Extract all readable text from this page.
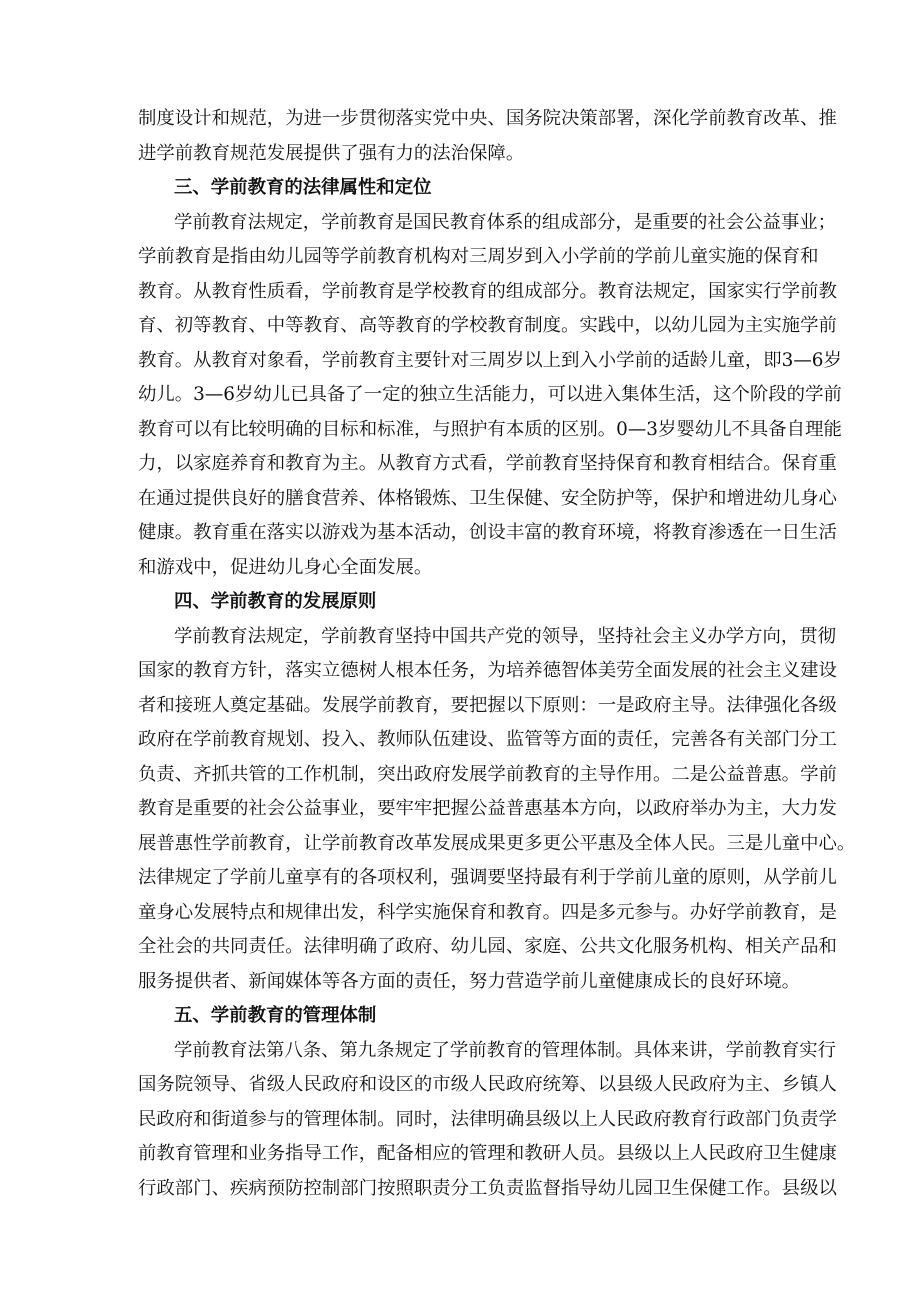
制度设计和规范，为进一步贯彻落实党中央、国务院决策部署，深化学前教育改革、推
进学前教育规范发展提供了强有力的法治保障。
三、学前教育的法律属性和定位
学前教育法规定，学前教育是国民教育体系的组成部分，是重要的社会公益事业；
学前教育是指由幼儿园等学前教育机构对三周岁到入小学前的学前儿童实施的保育和
教育。从教育性质看，学前教育是学校教育的组成部分。教育法规定，国家实行学前教
育、初等教育、中等教育、高等教育的学校教育制度。实践中，以幼儿园为主实施学前
教育。从教育对象看，学前教育主要针对三周岁以上到入小学前的适龄儿童，即3—6岁
幼儿。3—6岁幼儿已具备了一定的独立生活能力，可以进入集体生活，这个阶段的学前
教育可以有比较明确的目标和标准，与照护有本质的区别。0—3岁婴幼儿不具备自理能
力，以家庭养育和教育为主。从教育方式看，学前教育坚持保育和教育相结合。保育重
在通过提供良好的膳食营养、体格锻炼、卫生保健、安全防护等，保护和增进幼儿身心
健康。教育重在落实以游戏为基本活动，创设丰富的教育环境，将教育渗透在一日生活
和游戏中，促进幼儿身心全面发展。
四、学前教育的发展原则
学前教育法规定，学前教育坚持中国共产党的领导，坚持社会主义办学方向，贯彻
国家的教育方针，落实立德树人根本任务，为培养德智体美劳全面发展的社会主义建设
者和接班人奠定基础。发展学前教育，要把握以下原则：一是政府主导。法律强化各级
政府在学前教育规划、投入、教师队伍建设、监管等方面的责任，完善各有关部门分工
负责、齐抓共管的工作机制，突出政府发展学前教育的主导作用。二是公益普惠。学前
教育是重要的社会公益事业，要牢牢把握公益普惠基本方向，以政府举办为主，大力发
展普惠性学前教育，让学前教育改革发展成果更多更公平惠及全体人民。三是儿童中心。
法律规定了学前儿童享有的各项权利，强调要坚持最有利于学前儿童的原则，从学前儿
童身心发展特点和规律出发，科学实施保育和教育。四是多元参与。办好学前教育，是
全社会的共同责任。法律明确了政府、幼儿园、家庭、公共文化服务机构、相关产品和
服务提供者、新闻媒体等各方面的责任，努力营造学前儿童健康成长的良好环境。
五、学前教育的管理体制
学前教育法第八条、第九条规定了学前教育的管理体制。具体来讲，学前教育实行
国务院领导、省级人民政府和设区的市级人民政府统筹、以县级人民政府为主、乡镇人
民政府和街道参与的管理体制。同时，法律明确县级以上人民政府教育行政部门负责学
前教育管理和业务指导工作，配备相应的管理和教研人员。县级以上人民政府卫生健康
行政部门、疾病预防控制部门按照职责分工负责监督指导幼儿园卫生保健工作。县级以
